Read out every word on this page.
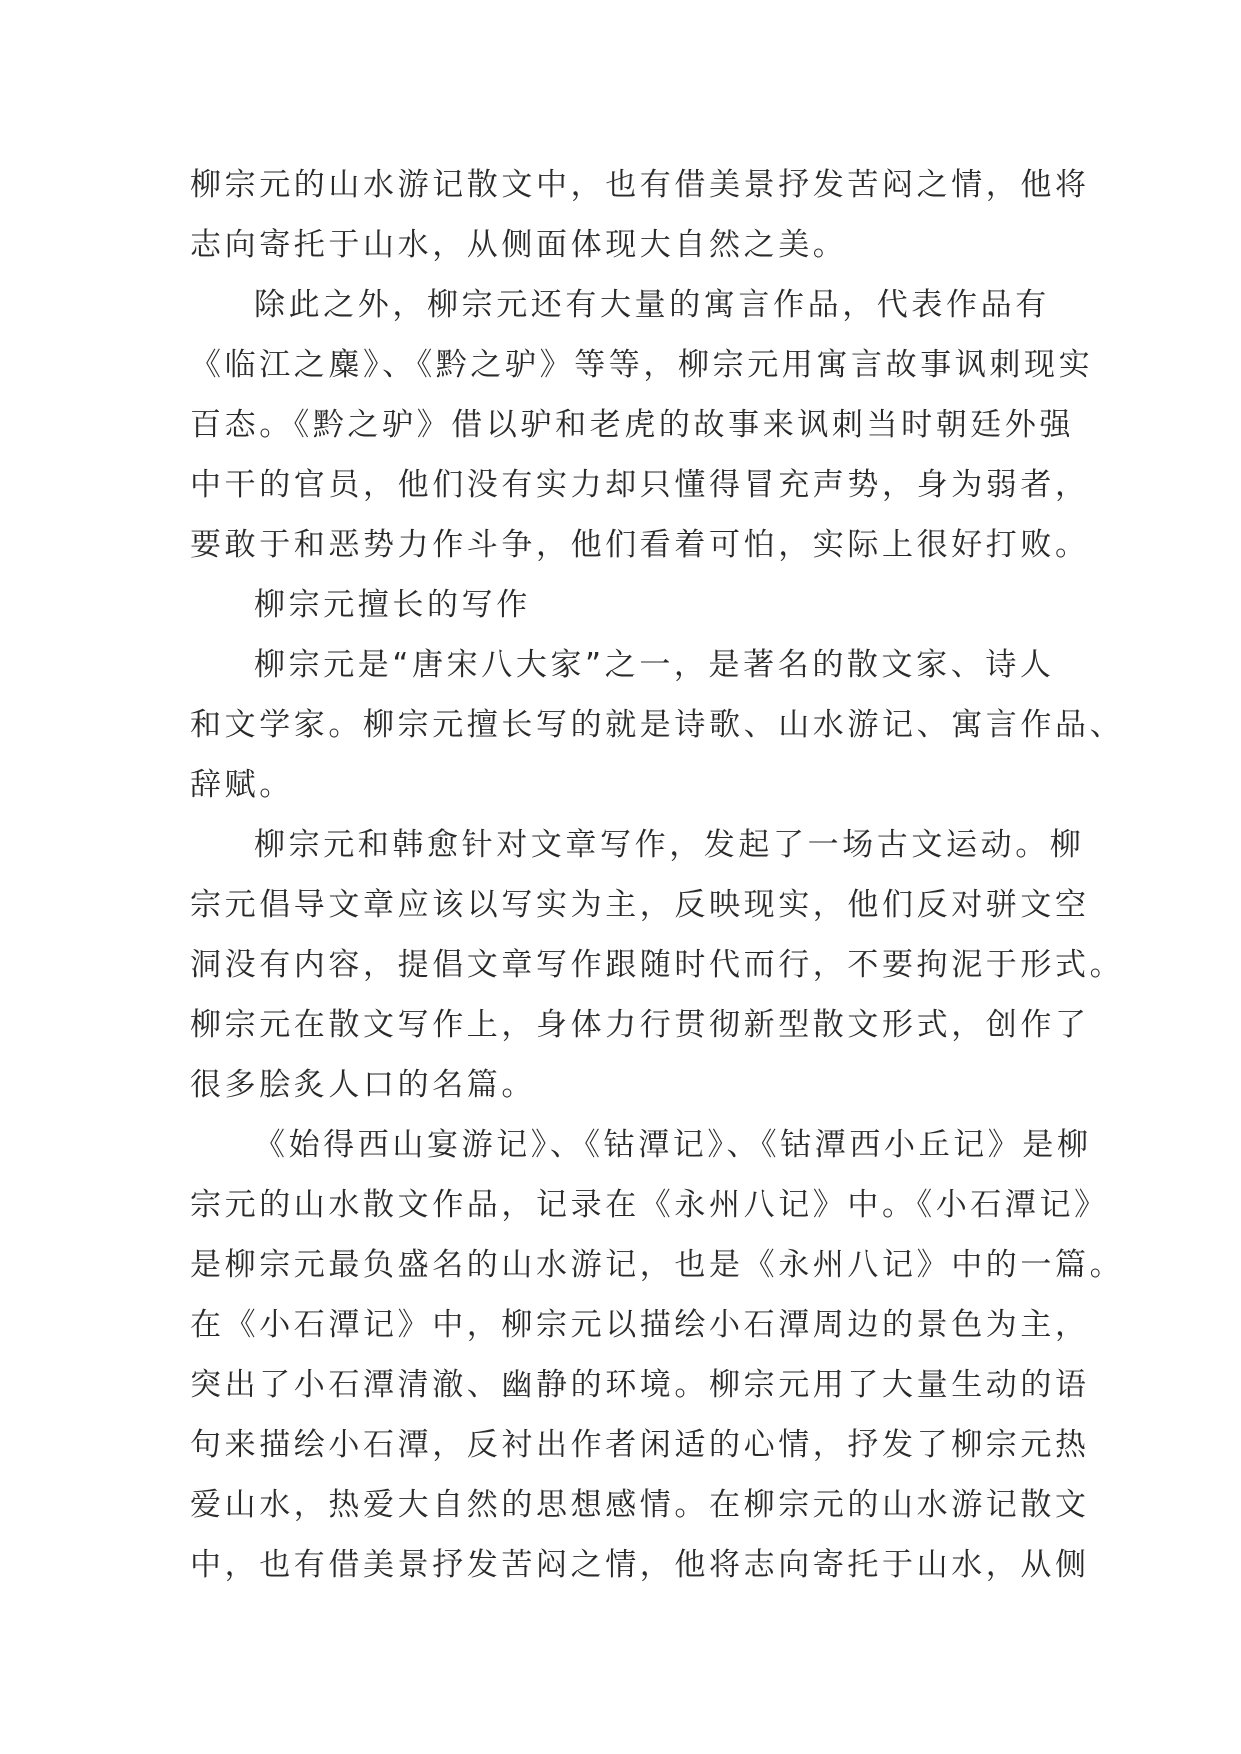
柳宗元的山水游记散文中，也有借美景抒发苦闷之情，他将
志向寄托于山水，从侧面体现大自然之美。
除此之外，柳宗元还有大量的寓言作品，代表作品有
《临江之麋》、《黔之驴》等等，柳宗元用寓言故事讽刺现实
百态。《黔之驴》借以驴和老虎的故事来讽刺当时朝廷外强
中干的官员，他们没有实力却只懂得冒充声势，身为弱者，
要敢于和恶势力作斗争，他们看着可怕，实际上很好打败。
柳宗元擅长的写作
柳宗元是“唐宋八大家”之一，是著名的散文家、诗人
和文学家。柳宗元擅长写的就是诗歌、山水游记、寓言作品、
辞赋。
柳宗元和韩愈针对文章写作，发起了一场古文运动。柳
宗元倡导文章应该以写实为主，反映现实，他们反对骈文空
洞没有内容，提倡文章写作跟随时代而行，不要拘泥于形式。
柳宗元在散文写作上，身体力行贯彻新型散文形式，创作了
很多脍炙人口的名篇。
《始得西山宴游记》、《钴潭记》、《钴潭西小丘记》是柳
宗元的山水散文作品，记录在《永州八记》中。《小石潭记》
是柳宗元最负盛名的山水游记，也是《永州八记》中的一篇。
在《小石潭记》中，柳宗元以描绘小石潭周边的景色为主，
突出了小石潭清澈、幽静的环境。柳宗元用了大量生动的语
句来描绘小石潭，反衬出作者闲适的心情，抒发了柳宗元热
爱山水，热爱大自然的思想感情。在柳宗元的山水游记散文
中，也有借美景抒发苦闷之情，他将志向寄托于山水，从侧
